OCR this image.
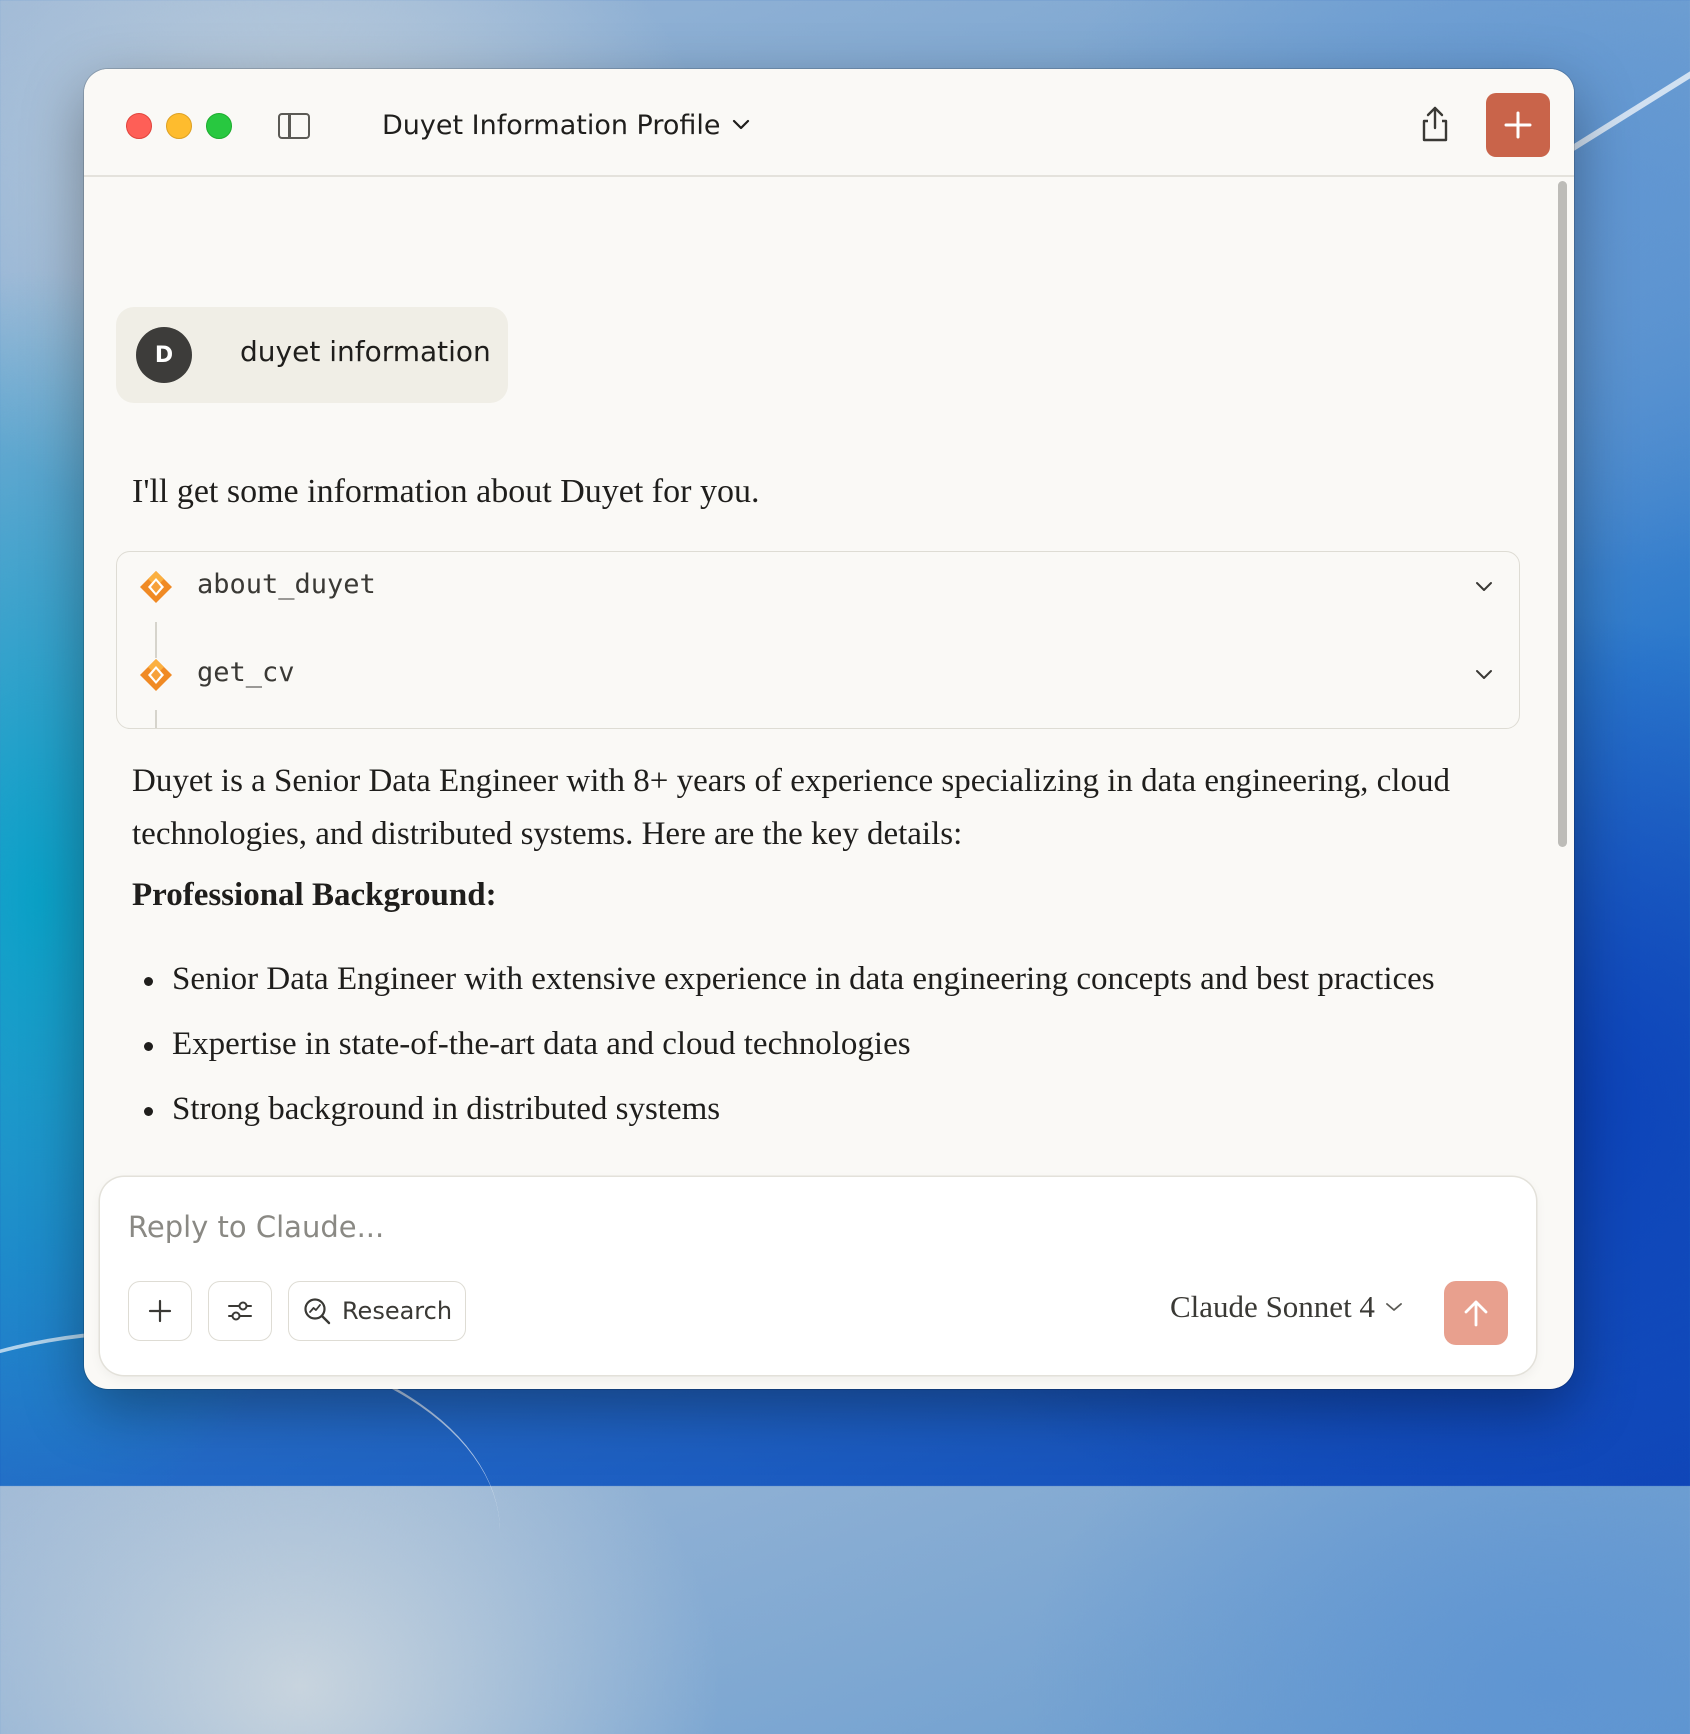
Duyet Information Profile
D	duyet information
I'll get some information about Duyet for you.
about_duyet
get_cv
Duyet is a Senior Data Engineer with 8+ years of experience specializing in data engineering, cloud technologies, and distributed systems. Here are the key details:
Professional Background:
Senior Data Engineer with extensive experience in data engineering concepts and best practices
Expertise in state-of-the-art data and cloud technologies
Strong background in distributed systems
Reply to Claude...
Research	Claude Sonnet 4
